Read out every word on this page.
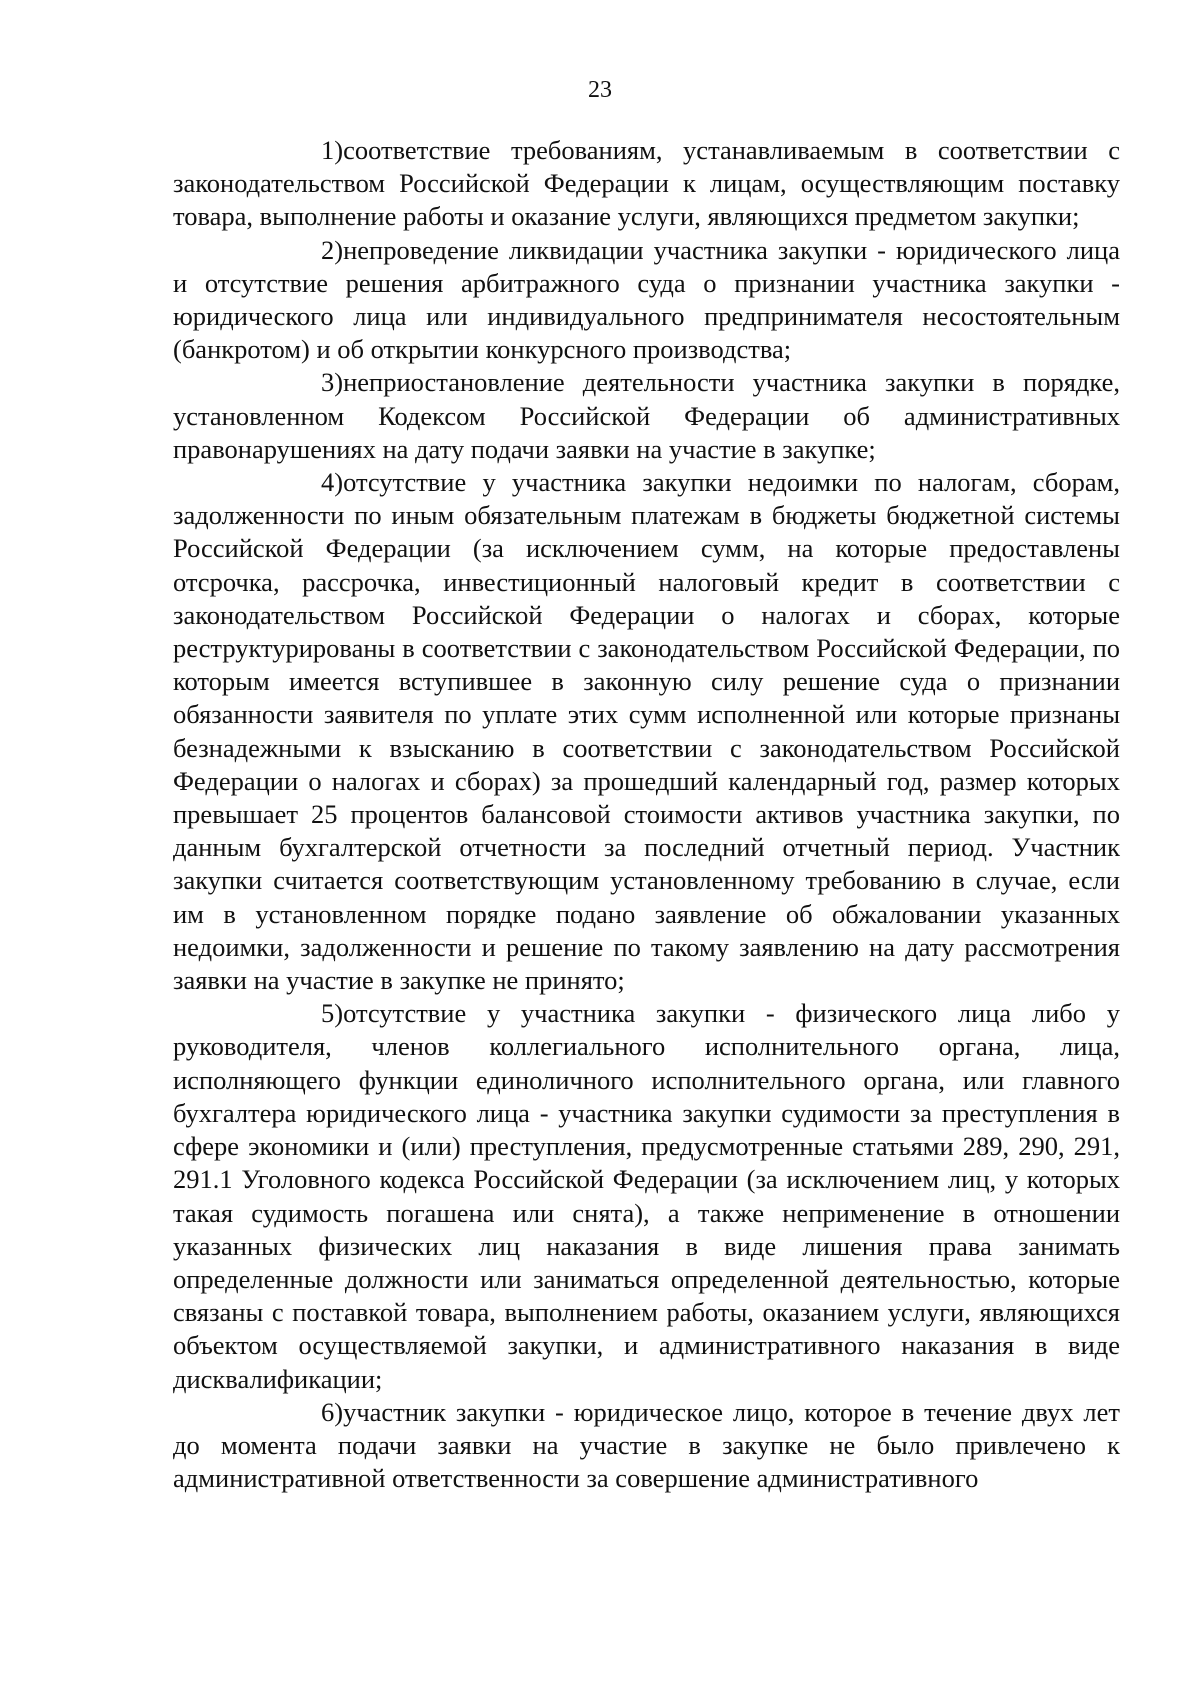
23

1)соответствие требованиям, устанавливаемым в соответствии с законодательством Российской Федерации к лицам, осуществляющим поставку товара, выполнение работы и оказание услуги, являющихся предметом закупки;

2)непроведение ликвидации участника закупки - юридического лица и отсутствие решения арбитражного суда о признании участника закупки - юридического лица или индивидуального предпринимателя несостоятельным (банкротом) и об открытии конкурсного производства;

3)неприостановление деятельности участника закупки в порядке, установленном Кодексом Российской Федерации об административных правонарушениях на дату подачи заявки на участие в закупке;

4)отсутствие у участника закупки недоимки по налогам, сборам, задолженности по иным обязательным платежам в бюджеты бюджетной системы Российской Федерации (за исключением сумм, на которые предоставлены отсрочка, рассрочка, инвестиционный налоговый кредит в соответствии с законодательством Российской Федерации о налогах и сборах, которые реструктурированы в соответствии с законодательством Российской Федерации, по которым имеется вступившее в законную силу решение суда о признании обязанности заявителя по уплате этих сумм исполненной или которые признаны безнадежными к взысканию в соответствии с законодательством Российской Федерации о налогах и сборах) за прошедший календарный год, размер которых превышает 25 процентов балансовой стоимости активов участника закупки, по данным бухгалтерской отчетности за последний отчетный период. Участник закупки считается соответствующим установленному требованию в случае, если им в установленном порядке подано заявление об обжаловании указанных недоимки, задолженности и решение по такому заявлению на дату рассмотрения заявки на участие в закупке не принято;

5)отсутствие у участника закупки - физического лица либо у руководителя, членов коллегиального исполнительного органа, лица, исполняющего функции единоличного исполнительного органа, или главного бухгалтера юридического лица - участника закупки судимости за преступления в сфере экономики и (или) преступления, предусмотренные статьями 289, 290, 291, 291.1 Уголовного кодекса Российской Федерации (за исключением лиц, у которых такая судимость погашена или снята), а также неприменение в отношении указанных физических лиц наказания в виде лишения права занимать определенные должности или заниматься определенной деятельностью, которые связаны с поставкой товара, выполнением работы, оказанием услуги, являющихся объектом осуществляемой закупки, и административного наказания в виде дисквалификации;

6)участник закупки - юридическое лицо, которое в течение двух лет до момента подачи заявки на участие в закупке не было привлечено к административной ответственности за совершение административного
